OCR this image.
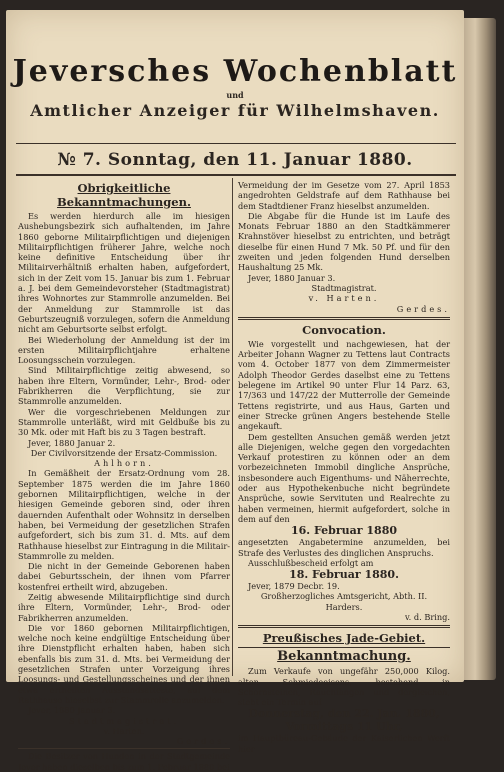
Jeversches Wochenblatt
und
Amtlicher Anzeiger für Wilhelmshaven.
№ 7. Sonntag, den 11. Januar 1880.
Obrigkeitliche Bekanntmachungen.

Es werden hierdurch alle im hiesigen Aushebungsbezirk sich aufhaltenden, im Jahre 1860 geborne Militairpflichtigen und diejenigen Militairpflichtigen früherer Jahre, welche noch keine definitive Entscheidung über ihr Militairverhältniß erhalten haben, aufgefordert, sich in der Zeit vom 15. Januar bis zum 1. Februar a. J. bei dem Gemeindevorsteher (Stadtmagistrat) ihres Wohnortes zur Stammrolle anzumelden. Bei der Anmeldung zur Stammrolle ist das Geburtszeugniß vorzulegen, sofern die Anmeldung nicht am Geburtsorte selbst erfolgt.

Bei Wiederholung der Anmeldung ist der im ersten Militairpflichtjahre erhaltene Loosungsschein vorzulegen.

Sind Militairpflichtige zeitig abwesend, so haben ihre Eltern, Vormünder, Lehr-, Brod- oder Fabrikherren die Verpflichtung, sie zur Stammrolle anzumelden.

Wer die vorgeschriebenen Meldungen zur Stammrolle unterläßt, wird mit Geldbuße bis zu 30 Mk. oder mit Haft bis zu 3 Tagen bestraft.

Jever, 1880 Januar 2.

Der Civilvorsitzende der Ersatz-Commission.
Ahlhorn.

In Gemäßheit der Ersatz-Ordnung vom 28. September 1875 werden die im Jahre 1860 gebornen Militairpflichtigen, welche in der hiesigen Gemeinde geboren sind, oder ihren dauernden Aufenthalt oder Wohnsitz in derselben haben, bei Vermeidung der gesetzlichen Strafen aufgefordert, sich bis zum 31. d. Mts. auf dem Rathhause hieselbst zur Eintragung in die Militair-Stammrolle zu melden.

Die nicht in der Gemeinde Geborenen haben dabei Geburtsschein, der ihnen vom Pfarrer kostenfrei ertheilt wird, abzugeben.

Zeitig abwesende Militairpflichtige sind durch ihre Eltern, Vormünder, Lehr-, Brod- oder Fabrikherren anzumelden.

Die vor 1860 gebornen Militairpflichtigen, welche noch keine endgültige Entscheidung über ihre Dienstpflicht erhalten haben, haben sich ebenfalls bis zum 31. d. Mts. bei Vermeidung der gesetzlichen Strafen unter Vorzeigung ihres Loosungs- und Gestellungsscheines und der ihnen etwa ertheilten Ausstandsatteste, auf dem Rathhause hieselbst zur Stammrolle anzumelden.

Jever, 1880 Januar 3.

Stadtmagistrat.
v. Harten.
Gerdes.

Die Besitzer von Hunden in der Stadtgemeinde Jever haben dieselben bis zum 1. Februar 1880 bei

Vermeidung der im Gesetze vom 27. April 1853 angedrohten Geldstrafe auf dem Rathhause bei dem Stadtdiener Franz hieselbst anzumelden.

Die Abgabe für die Hunde ist im Laufe des Monats Februar 1880 an den Stadtkämmerer Krahnstöver hieselbst zu entrichten, und beträgt dieselbe für einen Hund 7 Mk. 50 Pf. und für den zweiten und jeden folgenden Hund derselben Haushaltung 25 Mk.

Jever, 1880 Januar 3.

Stadtmagistrat.
v. Harten.
Gerdes.
Convocation.

Wie vorgestellt und nachgewiesen, hat der Arbeiter Johann Wagner zu Tettens laut Contracts vom 4. October 1877 von dem Zimmermeister Adolph Theodor Gerdes daselbst eine zu Tettens belegene im Artikel 90 unter Flur 14 Parz. 63, 17/363 und 147/22 der Mutterrolle der Gemeinde Tettens registrirte, und aus Haus, Garten und einer Strecke grünen Angers bestehende Stelle angekauft.

Dem gestellten Ansuchen gemäß werden jetzt alle Diejenigen, welche gegen den vorgedachten Verkauf protestiren zu können oder an dem vorbezeichneten Immobil dingliche Ansprüche, insbesondere auch Eigenthums- und Näherrechte, oder aus Hypothekenbuche nicht begründete Ansprüche, sowie Servituten und Realrechte zu haben vermeinen, hiermit aufgefordert, solche in dem auf den

16. Februar 1880

angesetzten Angabetermine anzumelden, bei Strafe des Verlustes des dinglichen Anspruchs.

Ausschlußbescheid erfolgt am

18. Februar 1880.

Jever, 1879 Decbr. 19.

Großherzogliches Amtsgericht, Abth. II.
Harders.
v. d. Bring.
Preußisches Jade-Gebiet.
Bekanntmachung.

Zum Verkaufe von ungefähr 250,000 Kilog. alten Schmiedeeisens, bestehend in Schornsteinen, Rauchfängen und dergleichen, steht ein Termin auf

Donnerstag, den 22. Jan. 1880,
Vormittags 11 Uhr,

im Hauptbüreau-Gebäude der Kaiserlichen Werft hier
